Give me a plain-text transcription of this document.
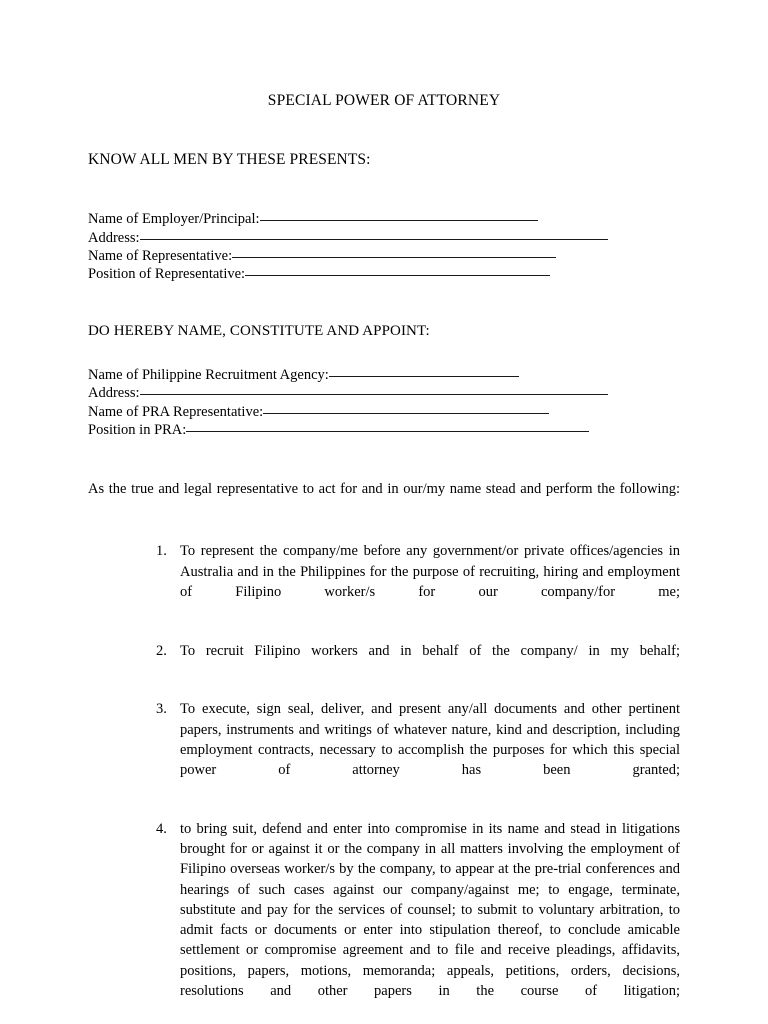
SPECIAL POWER OF ATTORNEY
KNOW ALL MEN BY THESE PRESENTS:
Name of Employer/Principal:
Address:
Name of Representative:
Position of Representative:
DO HEREBY NAME, CONSTITUTE AND APPOINT:
Name of Philippine Recruitment Agency:
Address:
Name of PRA Representative:
Position in PRA:
As the true and legal representative to act for and in our/my name stead and perform the following:
1. To represent the company/me before any government/or private offices/agencies in Australia and in the Philippines for the purpose of recruiting, hiring and employment of Filipino worker/s for our company/for me;
2. To recruit Filipino workers and in behalf of the company/ in my behalf;
3. To execute, sign seal, deliver, and present any/all documents and other pertinent papers, instruments and writings of whatever nature, kind and description, including employment contracts, necessary to accomplish the purposes for which this special power of attorney has been granted;
4. to bring suit, defend and enter into compromise in its name and stead in litigations brought for or against it or the company in all matters involving the employment of Filipino overseas worker/s by the company, to appear at the pre-trial conferences and hearings of such cases against our company/against me; to engage, terminate, substitute and pay for the services of counsel; to submit to voluntary arbitration, to admit facts or documents or enter into stipulation thereof, to conclude amicable settlement or compromise agreement and to file and receive pleadings, affidavits, positions, papers, motions, memoranda; appeals, petitions, orders, decisions, resolutions and other papers in the course of litigation;
